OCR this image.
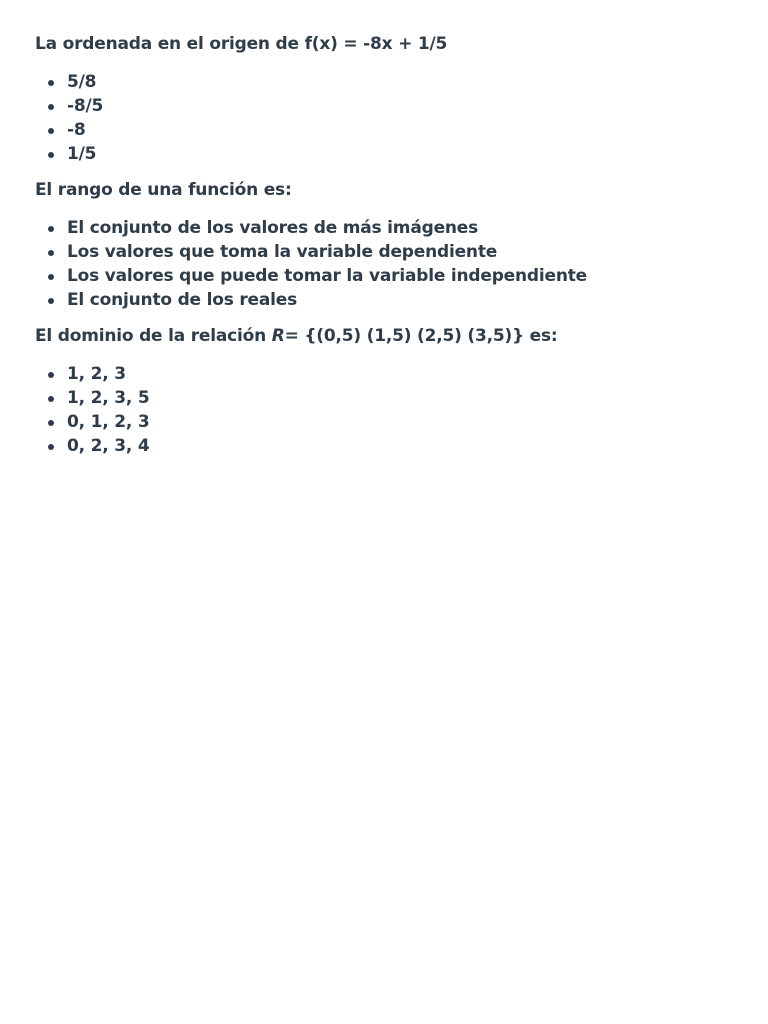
La ordenada en el origen de f(x) = -8x + 1/5

5/8
-8/5
-8
1/5

El rango de una función es:

El conjunto de los valores de más imágenes
Los valores que toma la variable dependiente
Los valores que puede tomar la variable independiente
El conjunto de los reales

El dominio de la relación R= {(0,5) (1,5) (2,5) (3,5)} es:

1, 2, 3
1, 2, 3, 5
0, 1, 2, 3
0, 2, 3, 4
